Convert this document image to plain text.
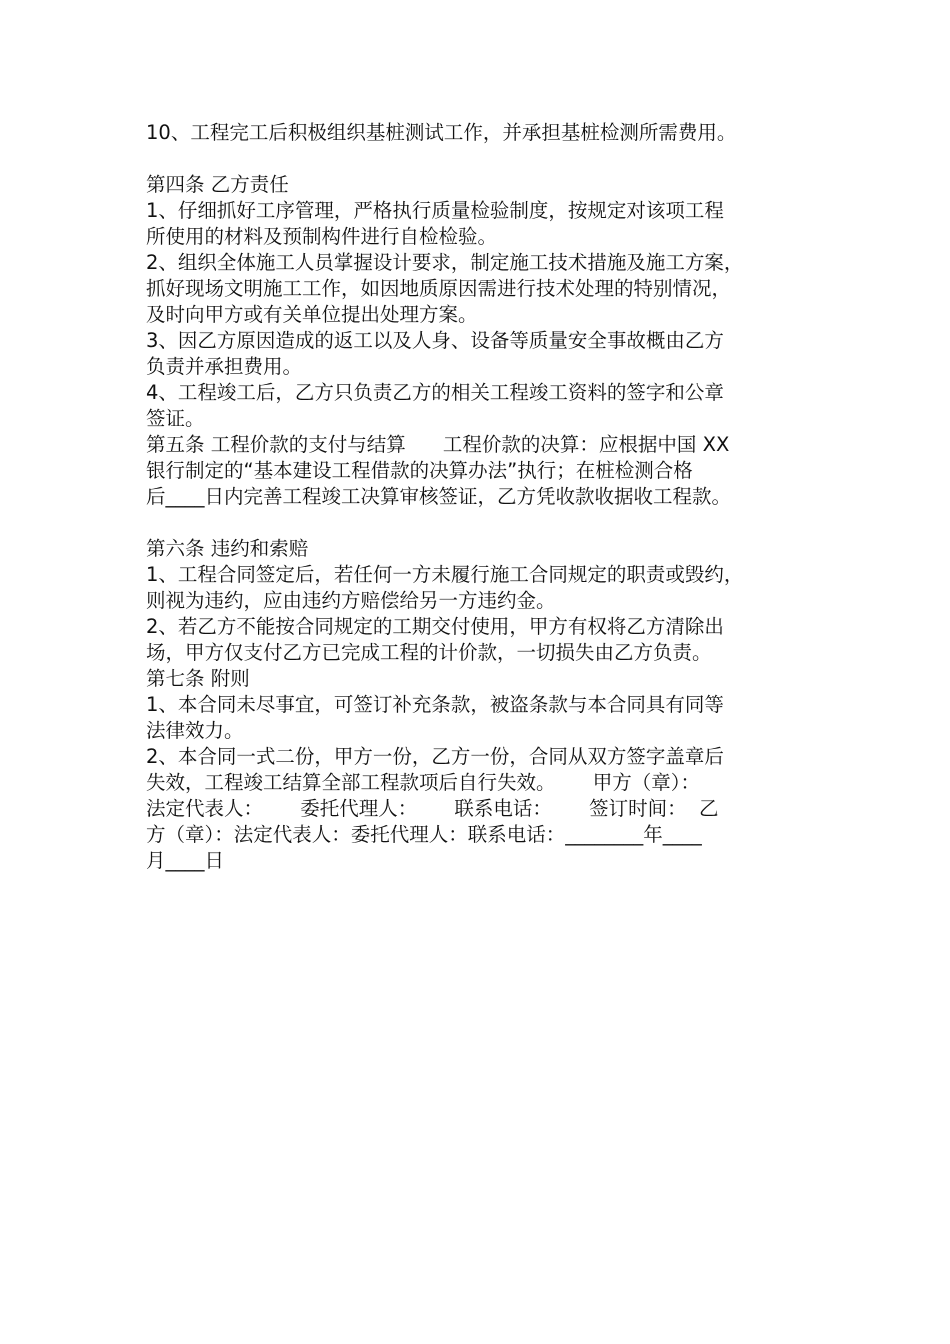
10、工程完工后积极组织基桩测试工作，并承担基桩检测所需费用。
第四条 乙方责任
1、仔细抓好工序管理，严格执行质量检验制度，按规定对该项工程
所使用的材料及预制构件进行自检检验。
2、组织全体施工人员掌握设计要求，制定施工技术措施及施工方案，
抓好现场文明施工工作，如因地质原因需进行技术处理的特别情况，
及时向甲方或有关单位提出处理方案。
3、因乙方原因造成的返工以及人身、设备等质量安全事故概由乙方
负责并承担费用。
4、工程竣工后，乙方只负责乙方的相关工程竣工资料的签字和公章
签证。
第五条 工程价款的支付与结算      工程价款的决算：应根据中国 XX
银行制定的“基本建设工程借款的决算办法”执行；在桩检测合格
后____日内完善工程竣工决算审核签证，乙方凭收款收据收工程款。
第六条 违约和索赔
1、工程合同签定后，若任何一方未履行施工合同规定的职责或毁约，
则视为违约，应由违约方赔偿给另一方违约金。
2、若乙方不能按合同规定的工期交付使用，甲方有权将乙方清除出
场，甲方仅支付乙方已完成工程的计价款，一切损失由乙方负责。
第七条 附则
1、本合同未尽事宜，可签订补充条款，被盗条款与本合同具有同等
法律效力。
2、本合同一式二份，甲方一份，乙方一份，合同从双方签字盖章后
失效，工程竣工结算全部工程款项后自行失效。      甲方（章）：
法定代表人：      委托代理人：      联系电话：      签订时间：  乙
方（章）：法定代表人：委托代理人：联系电话：________年____
月____日
